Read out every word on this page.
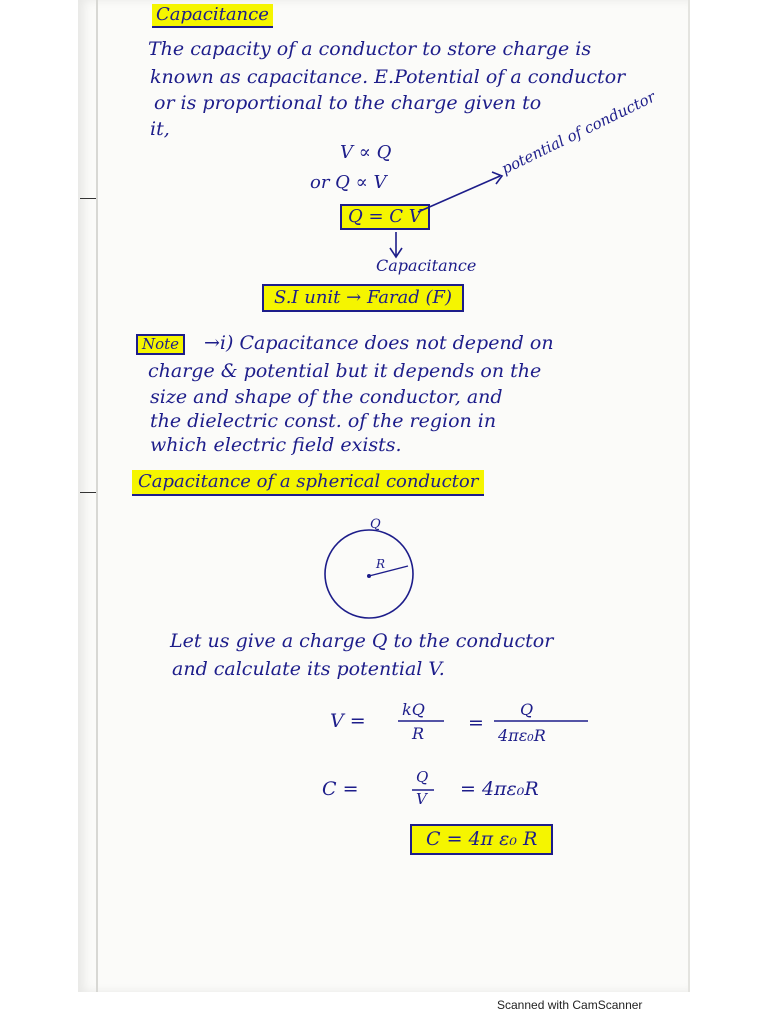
Capacitance
The capacity of a conductor to store charge is
known as capacitance. E.Potential of a conductor
or is proportional to the charge given to
it,
V ∝ Q
or Q ∝ V
potential of conductor
Q = C V
Capacitance
S.I unit → Farad (F)
Note	→i) Capacitance does not depend on
charge & potential but it depends on the
size and shape of the conductor, and
the dielectric const. of the region in
which electric field exists.
Capacitance of a spherical conductor
Q
R
Let us give a charge Q to the conductor
and calculate its potential V.
V =
kQ
R =
Q
4πε₀R
C =
Q
V = 4πε₀R
C = 4π ε₀ R
Scanned with CamScanner
